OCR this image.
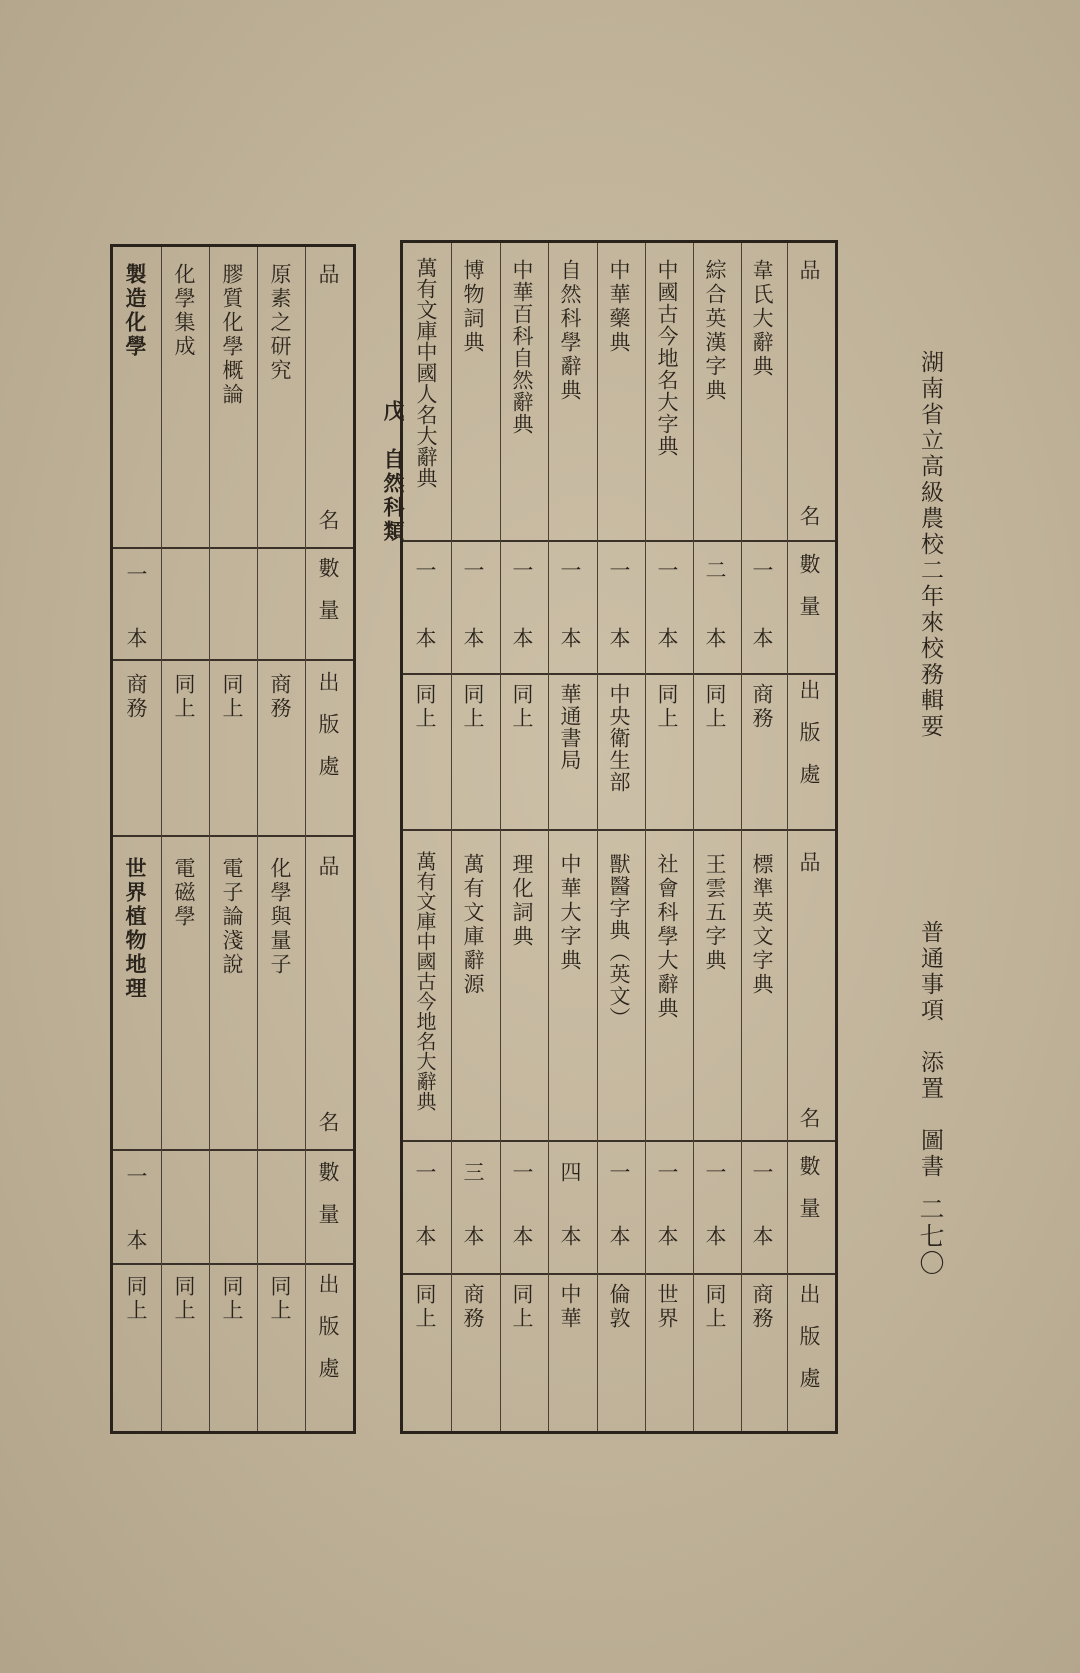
湖南省立高級農校二年來校務輯要
普通事項　添置　圖書
二七〇
戊　自然科類
品
名
數　量
出　版　處
品
名
數　量
出　版　處
韋氏大辭典
一
本
商務
標準英文字典
一
本
商務
綜合英漢字典
二
本
同上
王雲五字典
一
本
同上
中國古今地名大字典
一
本
同上
社會科學大辭典
一
本
世界
中華藥典
一
本
中央衛生部
獸醫字典（英文）
一
本
倫敦
自然科學辭典
一
本
華通書局
中華大字典
四
本
中華
中華百科自然辭典
一
本
同上
理化詞典
一
本
同上
博物詞典
一
本
同上
萬有文庫辭源
三
本
商務
萬有文庫中國人名大辭典
一
本
同上
萬有文庫中國古今地名大辭典
一
本
同上
品
名
數　量
出　版　處
品
名
數　量
出　版　處
原素之研究
商務
化學與量子
同上
膠質化學概論
同上
電子論淺說
同上
化學集成
同上
電磁學
同上
製造化學
一
本
商務
世界植物地理
一
本
同上
